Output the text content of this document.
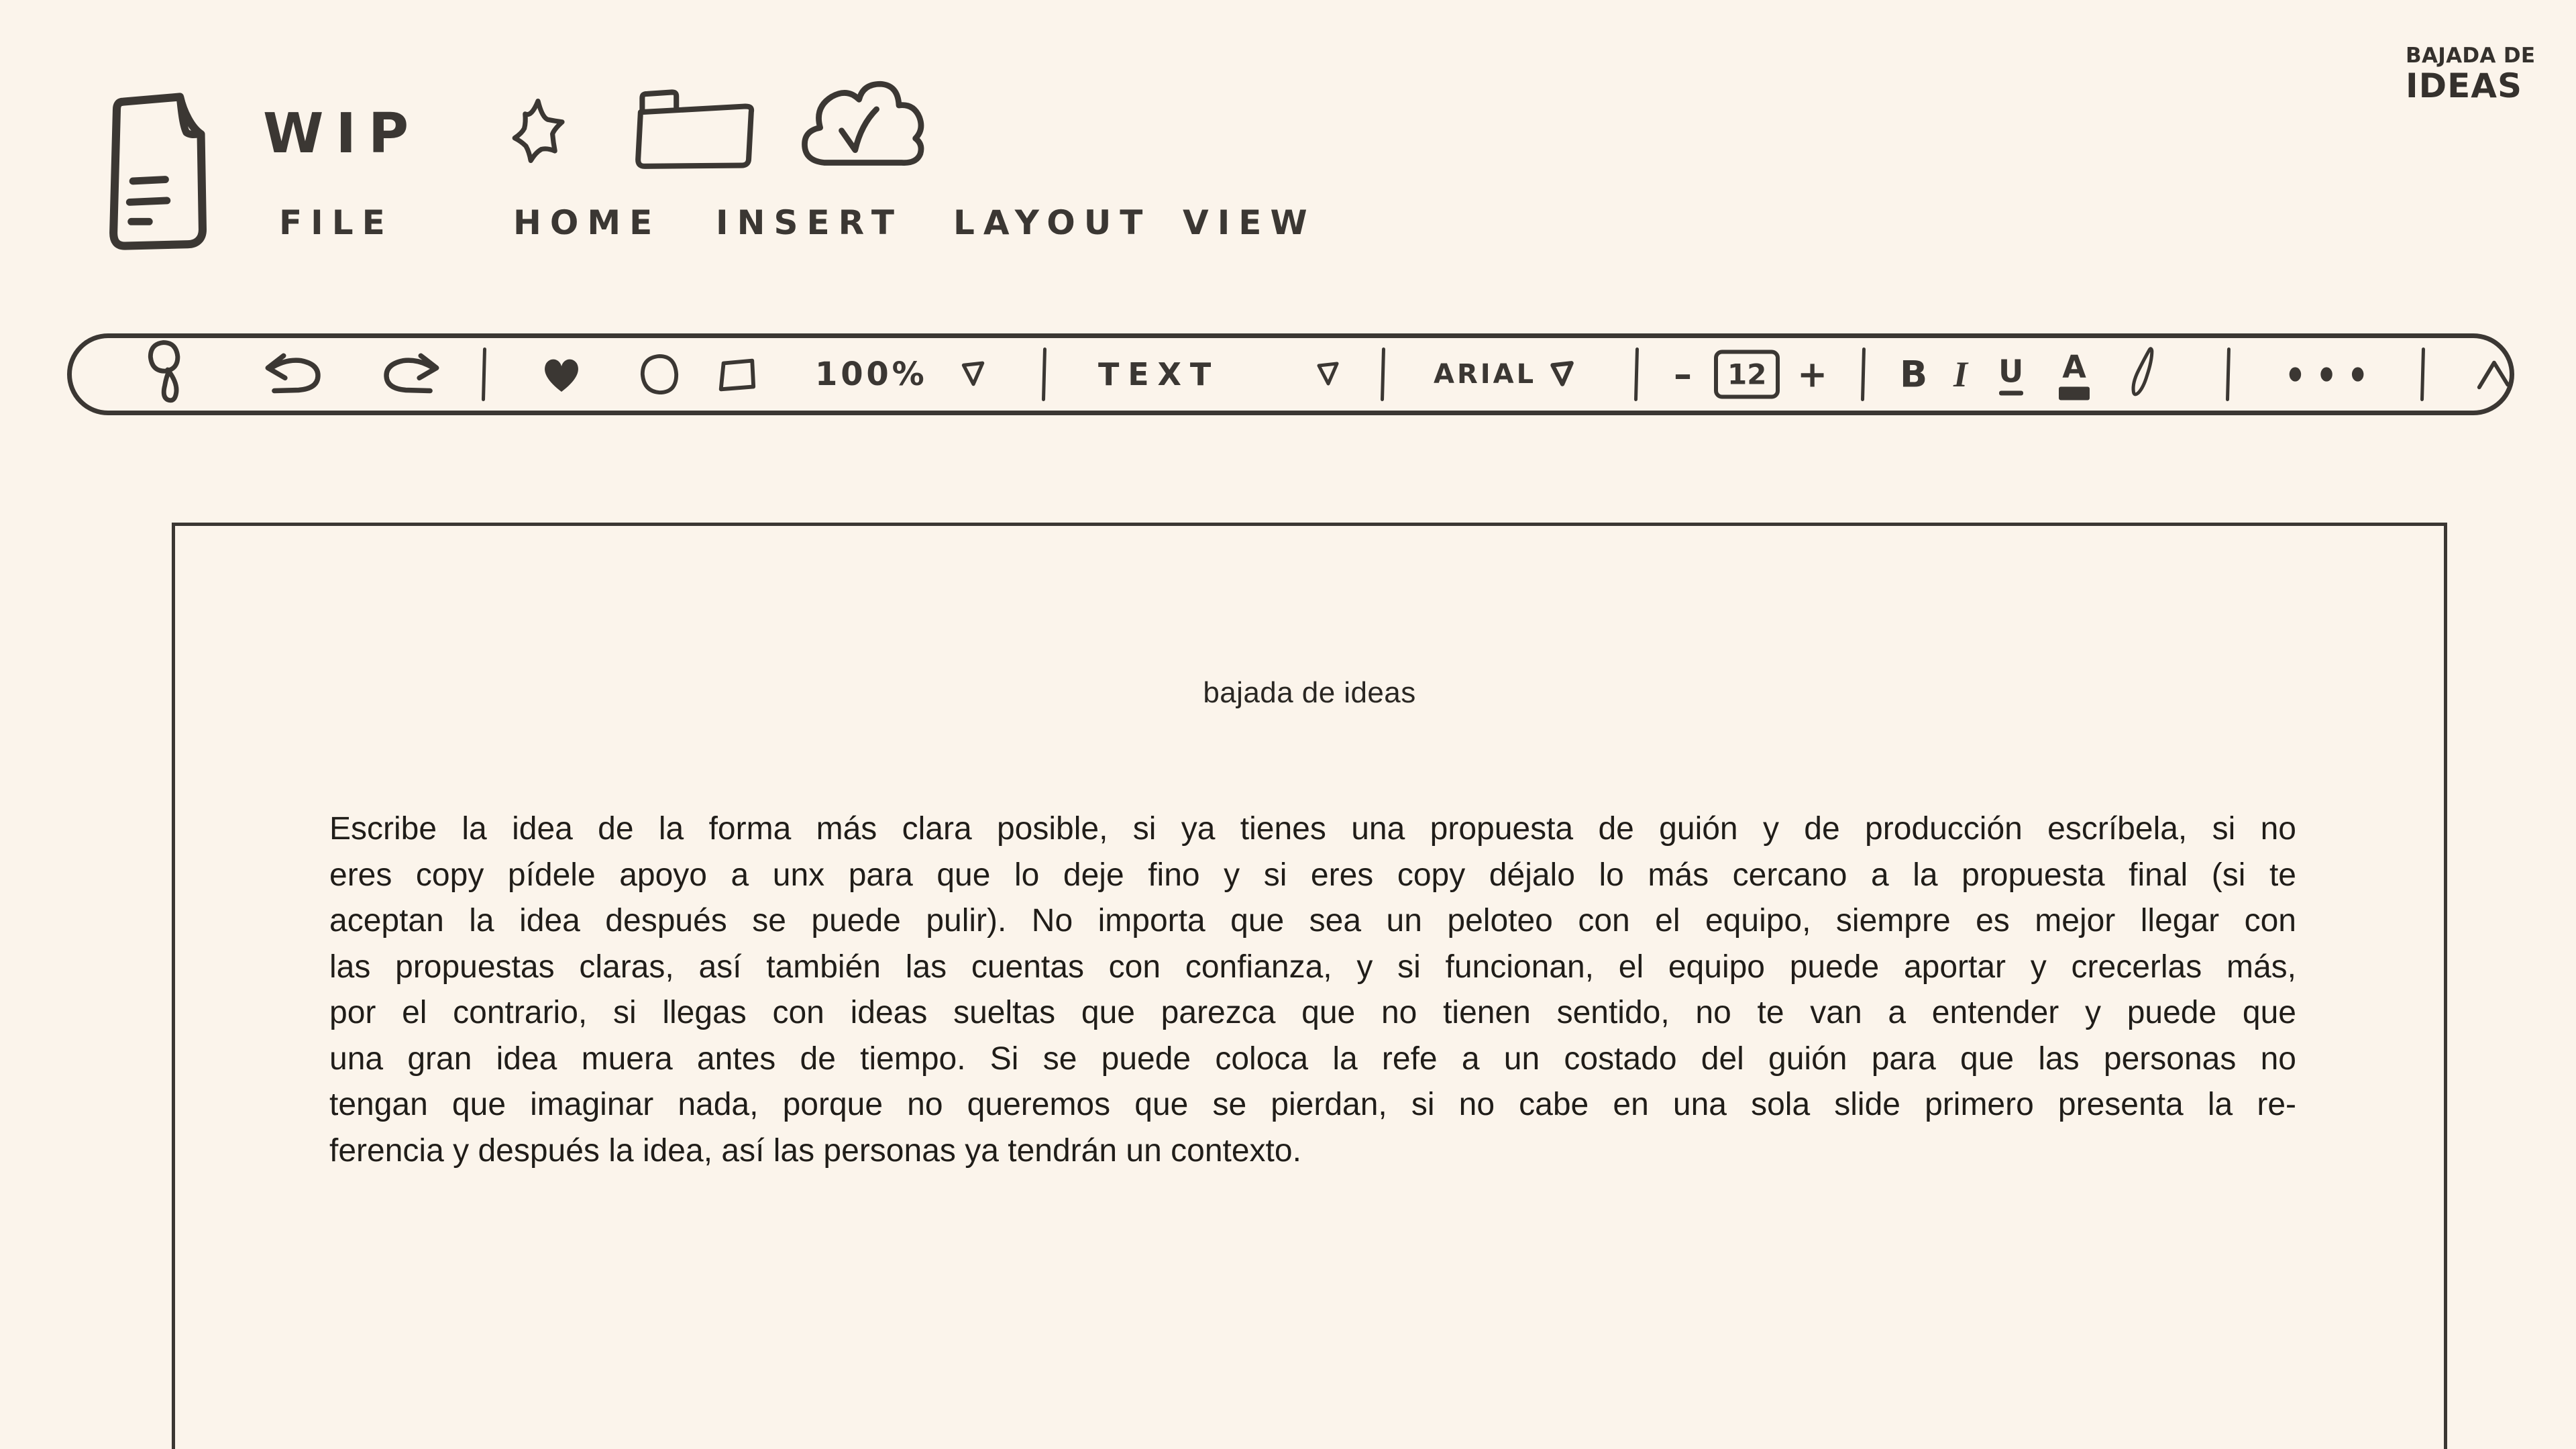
WIP
FILE	HOME INSERT LAYOUT VIEW
BAJADA DE
IDEAS
100%	TEXT	ARIAL	–	12 + B I U A
bajada de ideas
Escribe la idea de la forma más clara posible, si ya tienes una propuesta de guión y de producción escríbela, si no
eres copy pídele apoyo a unx para que lo deje fino y si eres copy déjalo lo más cercano a la propuesta final (si te
aceptan la idea después se puede pulir). No importa que sea un peloteo con el equipo, siempre es mejor llegar con
las propuestas claras, así también las cuentas con confianza, y si funcionan, el equipo puede aportar y crecerlas más,
por el contrario, si llegas con ideas sueltas que parezca que no tienen sentido, no te van a entender y puede que
una gran idea muera antes de tiempo. Si se puede coloca la refe a un costado del guión para que las personas no
tengan que imaginar nada, porque no queremos que se pierdan, si no cabe en una sola slide primero presenta la re-
ferencia y después la idea, así las personas ya tendrán un contexto.
